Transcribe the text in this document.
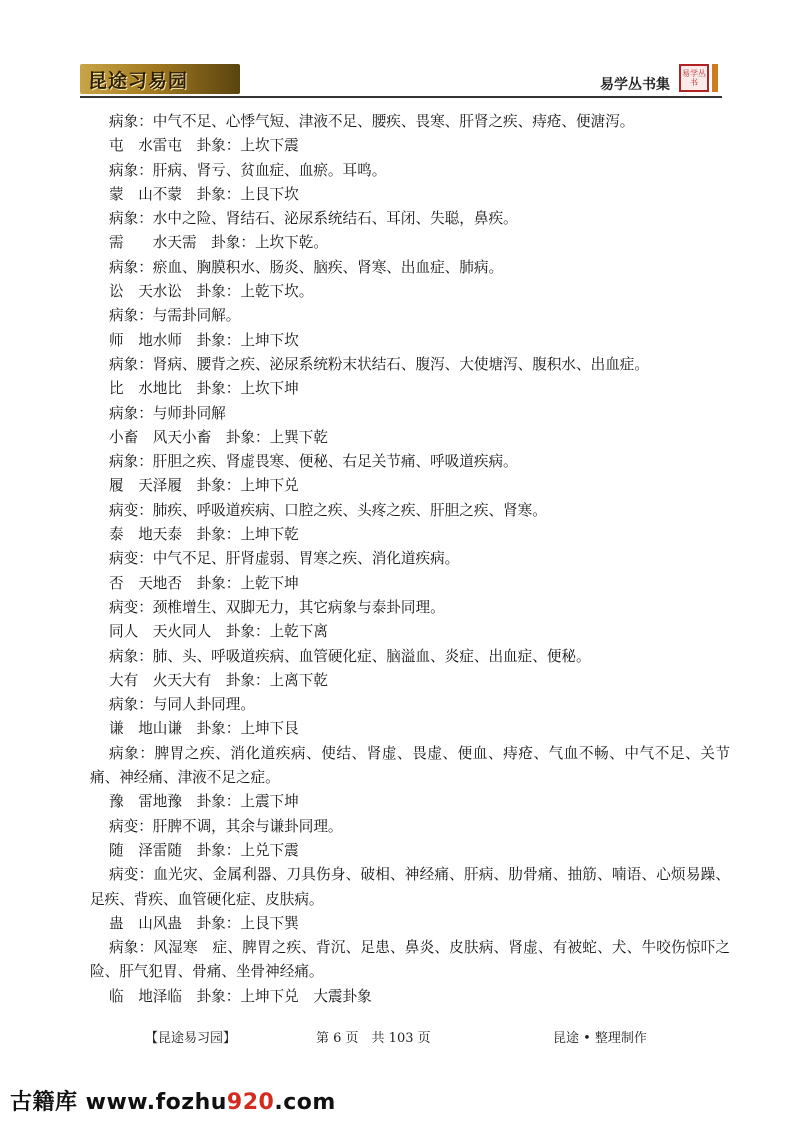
昆途习易园	易学丛书集
易学丛书
病象：中气不足、心悸气短、津液不足、腰疾、畏寒、肝肾之疾、痔疮、便溏泻。
屯　水雷屯　卦象：上坎下震
病象：肝病、肾亏、贫血症、血瘀。耳鸣。
蒙　山不蒙　卦象：上艮下坎
病象：水中之险、肾结石、泌尿系统结石、耳闭、失聪，鼻疾。
需　　水天需　卦象：上坎下乾。
病象：瘀血、胸膜积水、肠炎、脑疾、肾寒、出血症、肺病。
讼　天水讼　卦象：上乾下坎。
病象：与需卦同解。
师　地水师　卦象：上坤下坎
病象：肾病、腰背之疾、泌尿系统粉末状结石、腹泻、大使塘泻、腹积水、出血症。
比　水地比　卦象：上坎下坤
病象：与师卦同解
小畜　风天小畜　卦象：上巽下乾
病象：肝胆之疾、肾虚畏寒、便秘、右足关节痛、呼吸道疾病。
履　天泽履　卦象：上坤下兑
病变：肺疾、呼吸道疾病、口腔之疾、头疼之疾、肝胆之疾、肾寒。
泰　地天泰　卦象：上坤下乾
病变：中气不足、肝肾虚弱、胃寒之疾、消化道疾病。
否　天地否　卦象：上乾下坤
病变：颈椎增生、双脚无力，其它病象与泰卦同理。
同人　天火同人　卦象：上乾下离
病象：肺、头、呼吸道疾病、血管硬化症、脑溢血、炎症、出血症、便秘。
大有　火天大有　卦象：上离下乾
病象：与同人卦同理。
谦　地山谦　卦象：上坤下艮
病象：脾胃之疾、消化道疾病、使结、肾虚、畏虚、便血、痔疮、气血不畅、中气不足、关节痛、神经痛、津液不足之症。
豫　雷地豫　卦象：上震下坤
病变：肝脾不调，其余与谦卦同理。
随　泽雷随　卦象：上兑下震
病变：血光灾、金属利器、刀具伤身、破相、神经痛、肝病、肋骨痛、抽筋、喃语、心烦易躁、足疾、背疾、血管硬化症、皮肤病。
蛊　山风蛊　卦象：上艮下巽
病象：风湿寒　症、脾胃之疾、背沉、足患、鼻炎、皮肤病、肾虚、有被蛇、犬、牛咬伤惊吓之险、肝气犯胃、骨痛、坐骨神经痛。
临　地泽临　卦象：上坤下兑　大震卦象
【昆途易习园】	第 6 页　共 103 页	昆途 • 整理制作
古籍库 www.fozhu920.com
